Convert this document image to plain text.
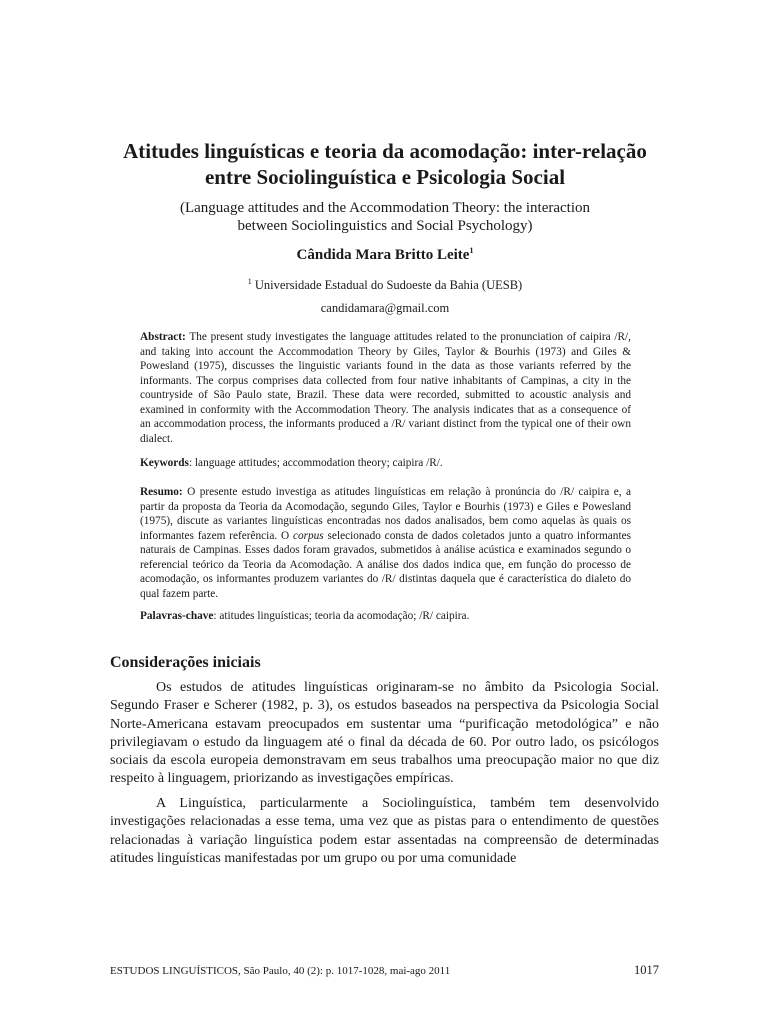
Atitudes linguísticas e teoria da acomodação: inter-relação
entre Sociolinguística e Psicologia Social
(Language attitudes and the Accommodation Theory: the interaction
between Sociolinguistics and Social Psychology)
Cândida Mara Britto Leite$^1$
$^1$ Universidade Estadual do Sudoeste da Bahia (UESB)
candidamara@gmail.com
Abstract: The present study investigates the language attitudes related to the pronunciation of caipira /R/, and taking into account the Accommodation Theory by Giles, Taylor & Bourhis (1973) and Giles & Powesland (1975), discusses the linguistic variants found in the data as those variants referred by the informants. The corpus comprises data collected from four native inhabitants of Campinas, a city in the countryside of São Paulo state, Brazil. These data were recorded, submitted to acoustic analysis and examined in conformity with the Accommodation Theory. The analysis indicates that as a consequence of an accommodation process, the informants produced a /R/ variant distinct from the typical one of their own dialect.
Keywords: language attitudes; accommodation theory; caipira /R/.
Resumo: O presente estudo investiga as atitudes linguísticas em relação à pronúncia do /R/ caipira e, a partir da proposta da Teoria da Acomodação, segundo Giles, Taylor e Bourhis (1973) e Giles e Powesland (1975), discute as variantes linguísticas encontradas nos dados analisados, bem como aquelas às quais os informantes fazem referência. O corpus selecionado consta de dados coletados junto a quatro informantes naturais de Campinas. Esses dados foram gravados, submetidos à análise acústica e examinados segundo o referencial teórico da Teoria da Acomodação. A análise dos dados indica que, em função do processo de acomodação, os informantes produzem variantes do /R/ distintas daquela que é característica do dialeto do qual fazem parte.
Palavras-chave: atitudes linguísticas; teoria da acomodação; /R/ caipira.
Considerações iniciais
Os estudos de atitudes linguísticas originaram-se no âmbito da Psicologia Social. Segundo Fraser e Scherer (1982, p. 3), os estudos baseados na perspectiva da Psicologia Social Norte-Americana estavam preocupados em sustentar uma “purificação metodológica” e não privilegiavam o estudo da linguagem até o final da década de 60. Por outro lado, os psicólogos sociais da escola europeia demonstravam em seus trabalhos uma preocupação maior no que diz respeito à linguagem, priorizando as investigações empíricas.
A Linguística, particularmente a Sociolinguística, também tem desenvolvido investigações relacionadas a esse tema, uma vez que as pistas para o entendimento de questões relacionadas à variação linguística podem estar assentadas na compreensão de determinadas atitudes linguísticas manifestadas por um grupo ou por uma comunidade
ESTUDOS LINGUÍSTICOS, São Paulo, 40 (2): p. 1017-1028, mai-ago 2011	1017
